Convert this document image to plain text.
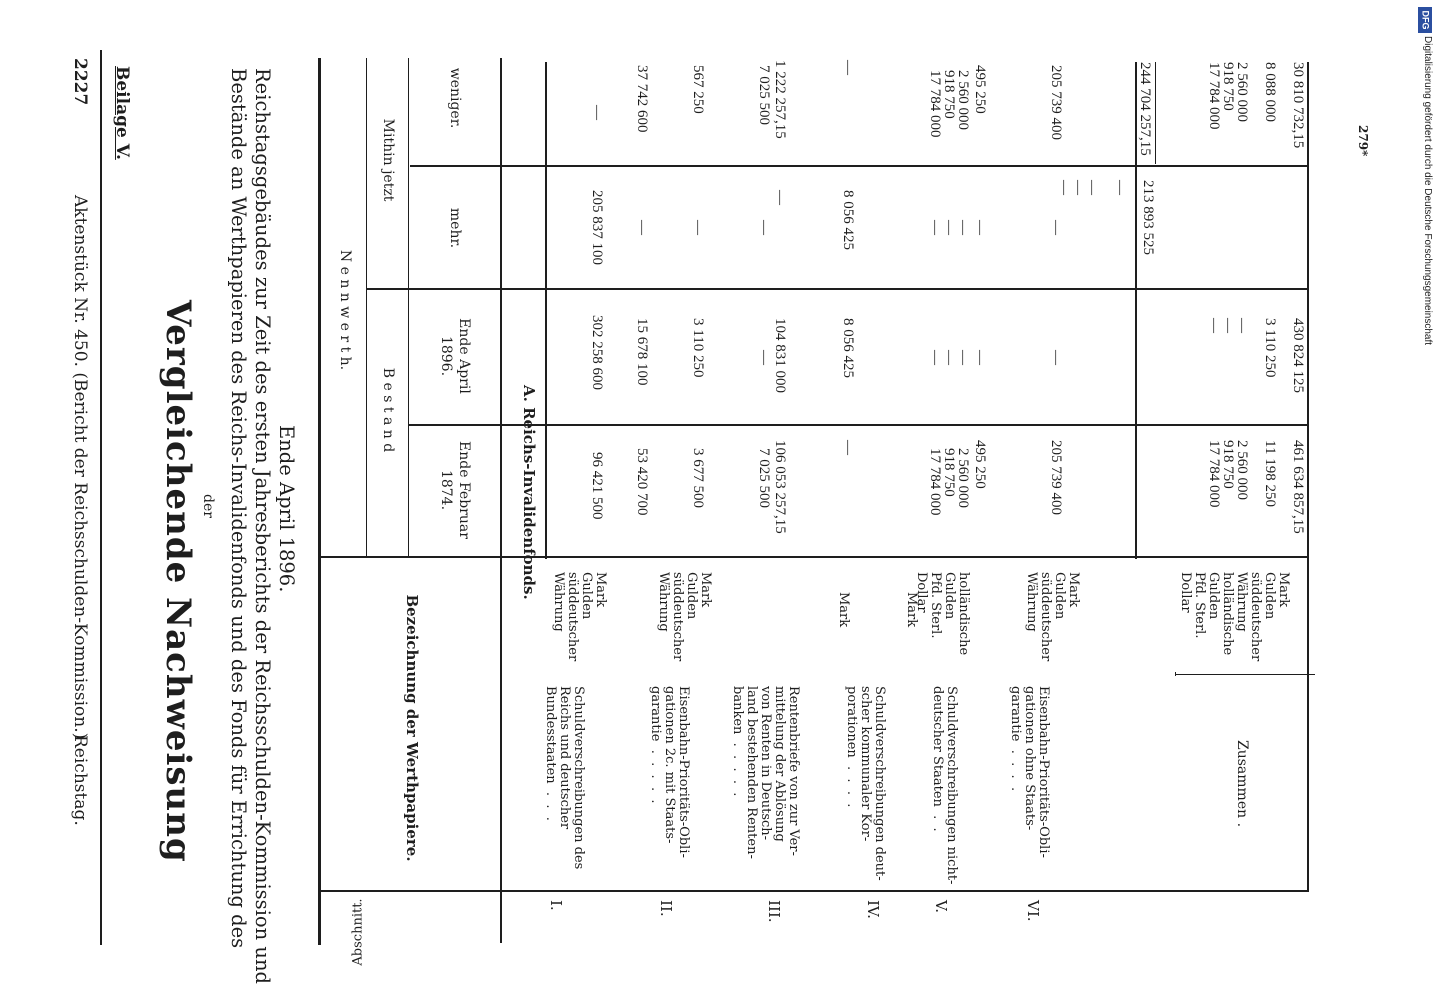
Reichstag.
Aktenstück Nr. 450. (Bericht der Reichsschulden-Kommission.)
2227 Beilage V.
Vergleichende Nachweisung der Bestände an Werthpapieren des Reichs-Invalidenfonds und des Fonds für Errichtung des Reichstagsgebäudes zur Zeit des ersten Jahresberichts der Reichsschulden-Kommission und Ende April 1896.
Abschnitt.
Bezeichnung der Werthpapiere.
N e n n w e r t h.
B e s t a n d
Ende Februar
1874.
Ende April
1896.
Mithin jetzt
mehr.
weniger.
A. Reichs-Invalidenfonds.
I.
Schuldverschreibungen des
Reichs und deutscher
Bundesstaaten  .  .  .
Mark
Gulden
süddeutscher
Währung
96 421 500
302 258 600
205 837 100
—
II.
Eisenbahn-Prioritäts-Obli-
gationen 2c. mit Staats-
garantie  .  .  .  .  .
Mark
Gulden
süddeutscher
Währung
3 677 500

53 420 700
3 110 250

15 678 100
—

—
567 250

37 742 600
III.
Rentenbriefe von zur Ver-
mittelung der Ablösung
von Renten in Deutsch-
land bestehenden Renten-
banken  .  .  .  .  .
Mark
7 025 500
—
—
7 025 500
IV.
Schuldverschreibungen deut-
scher kommunaler Kor-
porationen  .  .  .  .
Mark
—

106 053 257,15
8 056 425

104 831 000
8 056 425

—
—

1 222 257,15
V.
Schuldverschreibungen nicht-
deutscher Staaten  .  .
holländische
Gulden
Pfd. Sterl.
Dollar
2 560 000
918 750
17 784 000
—
—
—
—
—
—
2 560 000
918 750
17 784 000
VI.
Eisenbahn-Prioritäts-Obli-
gationen ohne Staats-
garantie  .  .  .  .
Mark
Gulden
süddeutscher
Währung
205 739 400

495 250
—

—
—

—
205 739 400

495 250
Zusammen .
Mark
Gulden
süddeutscher
Währung
holländische
Gulden
Pfd. Sterl.
Dollar
461 634 857,15

11 198 250

2 560 000
918 750
17 784 000
430 824 125

3 110 250

—
—
—
213 893 525

—

—
—
—
244 704 257,15	30 810 732,15

8 088 000

2 560 000
918 750
17 784 000
279*
DFG
Digitalisierung gefördert durch die Deutsche Forschungsgemeinschaft
